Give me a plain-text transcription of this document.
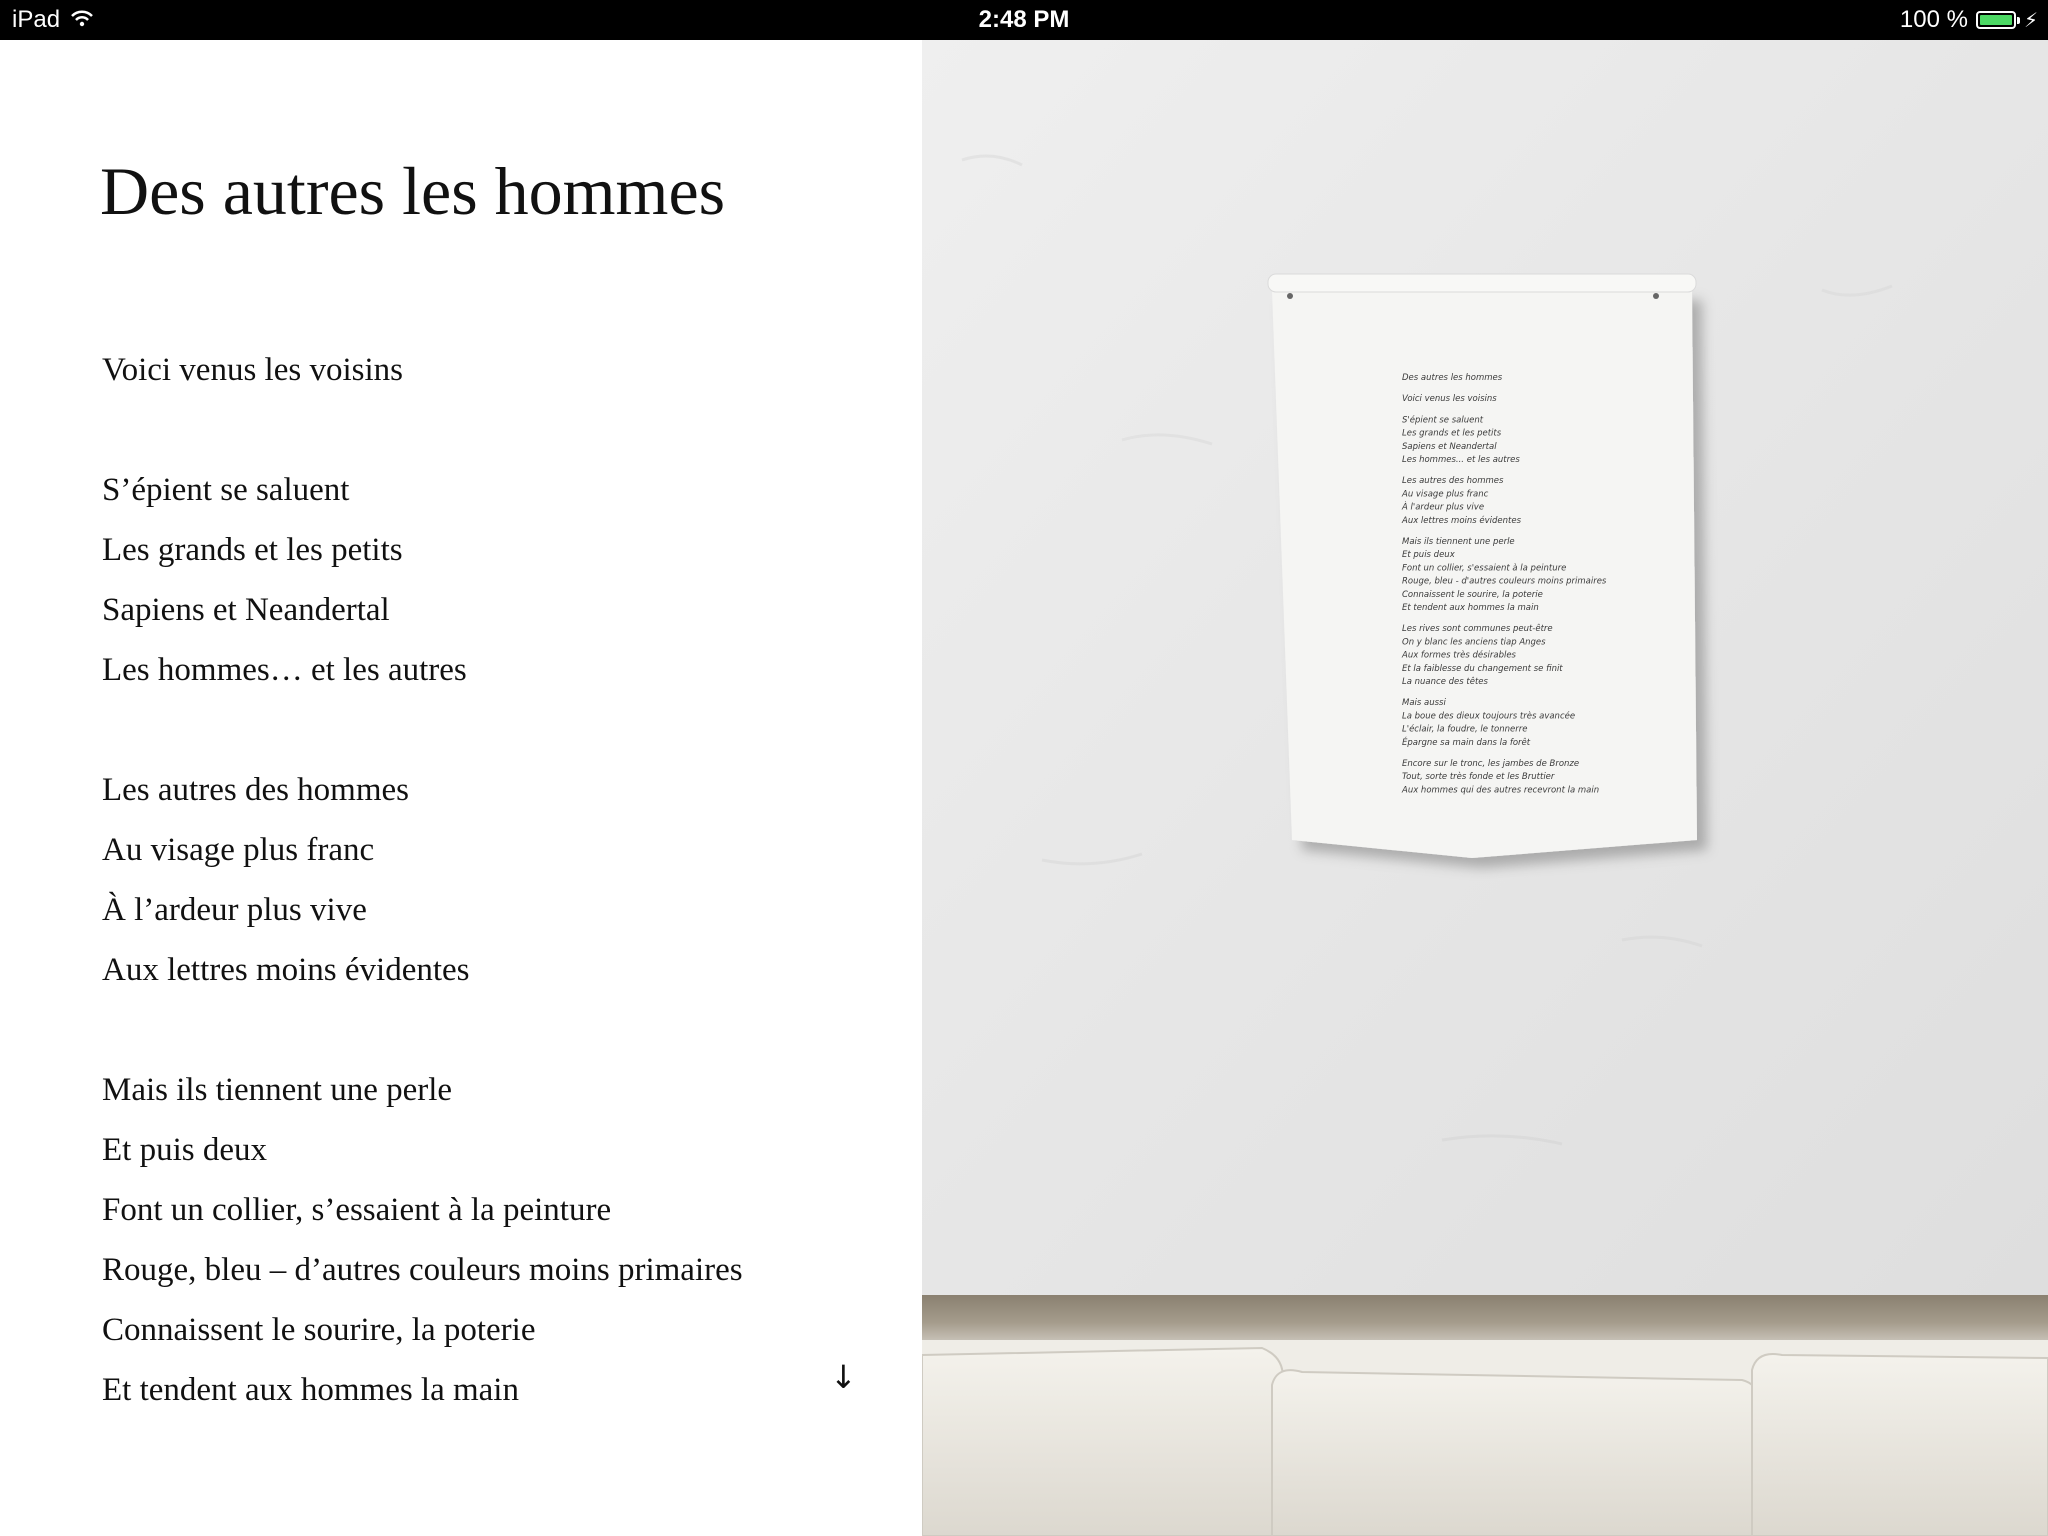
iPad	2:48 PM	100 %	⚡
Des autres les hommes
Voici venus les voisins
S’épient se saluent
Les grands et les petits
Sapiens et Neandertal
Les hommes… et les autres
Les autres des hommes
Au visage plus franc
À l’ardeur plus vive
Aux lettres moins évidentes
Mais ils tiennent une perle
Et puis deux
Font un collier, s’essaient à la peinture
Rouge, bleu – d’autres couleurs moins primaires
Connaissent le sourire, la poterie
Et tendent aux hommes la main	↓
Des autres les hommes
Voici venus les voisins
S'épient se saluent
Les grands et les petits
Sapiens et Neandertal
Les hommes... et les autres
Les autres des hommes
Au visage plus franc
À l'ardeur plus vive
Aux lettres moins évidentes
Mais ils tiennent une perle
Et puis deux
Font un collier, s'essaient à la peinture
Rouge, bleu - d'autres couleurs moins primaires
Connaissent le sourire, la poterie
Et tendent aux hommes la main
Les rives sont communes peut-être
On y blanc les anciens tiap Anges
Aux formes très désirables
Et la faiblesse du changement se finit
La nuance des têtes
Mais aussi
La boue des dieux toujours très avancée
L'éclair, la foudre, le tonnerre
Épargne sa main dans la forêt
Encore sur le tronc, les jambes de Bronze
Tout, sorte très fonde et les Bruttier
Aux hommes qui des autres recevront la main
